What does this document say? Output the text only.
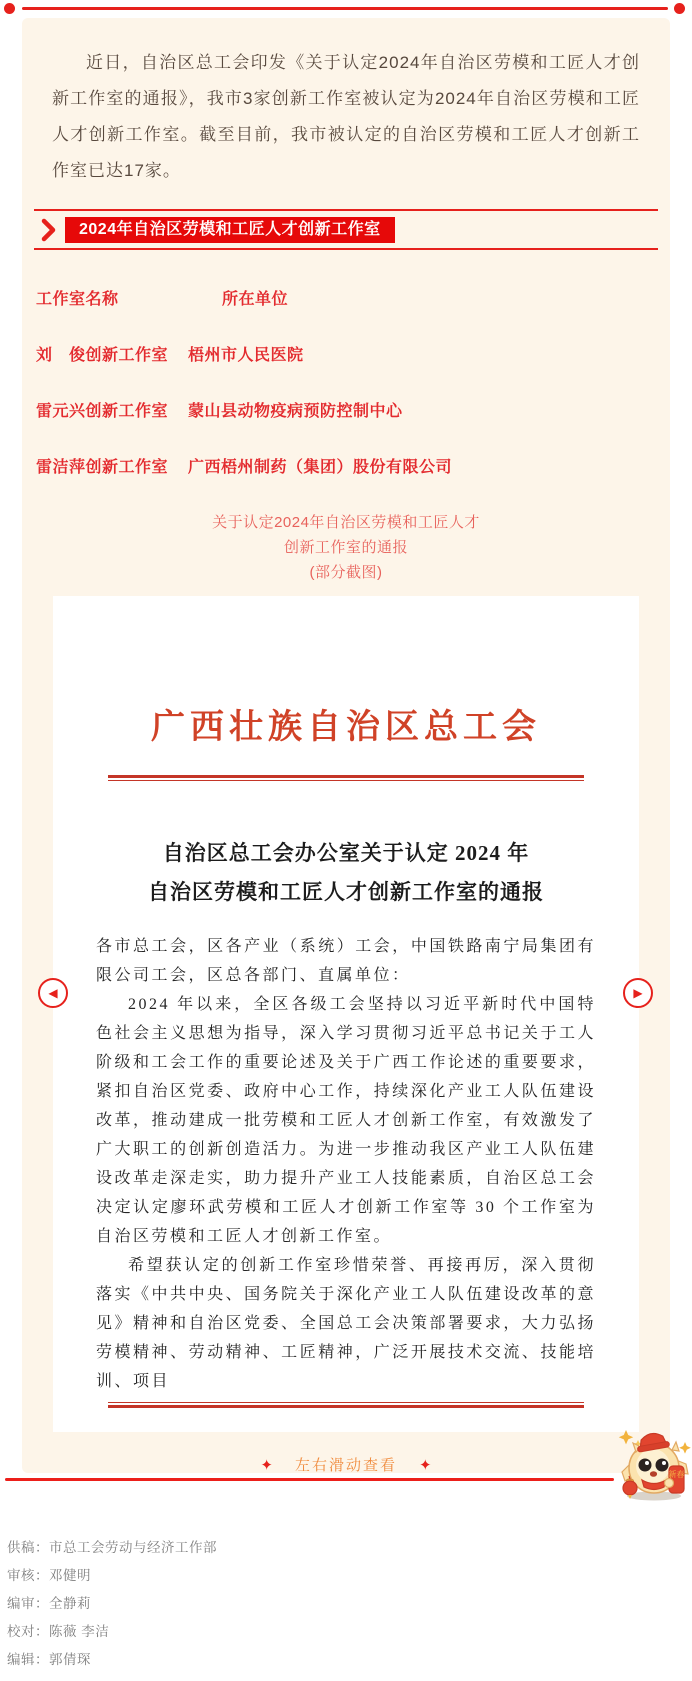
近日，自治区总工会印发《关于认定2024年自治区劳模和工匠人才创新工作室的通报》，我市3家创新工作室被认定为2024年自治区劳模和工匠人才创新工作室。截至目前，我市被认定的自治区劳模和工匠人才创新工作室已达17家。

2024年自治区劳模和工匠人才创新工作室
工作室名称	所在单位
刘　俊创新工作室 梧州市人民医院
雷元兴创新工作室 蒙山县动物疫病预防控制中心
雷洁萍创新工作室 广西梧州制药（集团）股份有限公司
关于认定2024年自治区劳模和工匠人才
创新工作室的通报
(部分截图)
广西壮族自治区总工会
自治区总工会办公室关于认定 2024 年
自治区劳模和工匠人才创新工作室的通报

各市总工会，区各产业（系统）工会，中国铁路南宁局集团有限公司工会，区总各部门、直属单位：

2024 年以来，全区各级工会坚持以习近平新时代中国特色社会主义思想为指导，深入学习贯彻习近平总书记关于工人阶级和工会工作的重要论述及关于广西工作论述的重要要求，紧扣自治区党委、政府中心工作，持续深化产业工人队伍建设改革，推动建成一批劳模和工匠人才创新工作室，有效激发了广大职工的创新创造活力。为进一步推动我区产业工人队伍建设改革走深走实，助力提升产业工人技能素质，自治区总工会决定认定廖环武劳模和工匠人才创新工作室等 30 个工作室为自治区劳模和工匠人才创新工作室。

希望获认定的创新工作室珍惜荣誉、再接再厉，深入贯彻落实《中共中央、国务院关于深化产业工人队伍建设改革的意见》精神和自治区党委、全国总工会决策部署要求，大力弘扬劳模精神、劳动精神、工匠精神，广泛开展技术交流、技能培训、项目

◀	▶
✦ 左右滑动查看 ✦
新春

供稿：市总工会劳动与经济工作部

审核：邓健明

编审：全静莉

校对：陈薇 李洁

编辑：郭倩琛
